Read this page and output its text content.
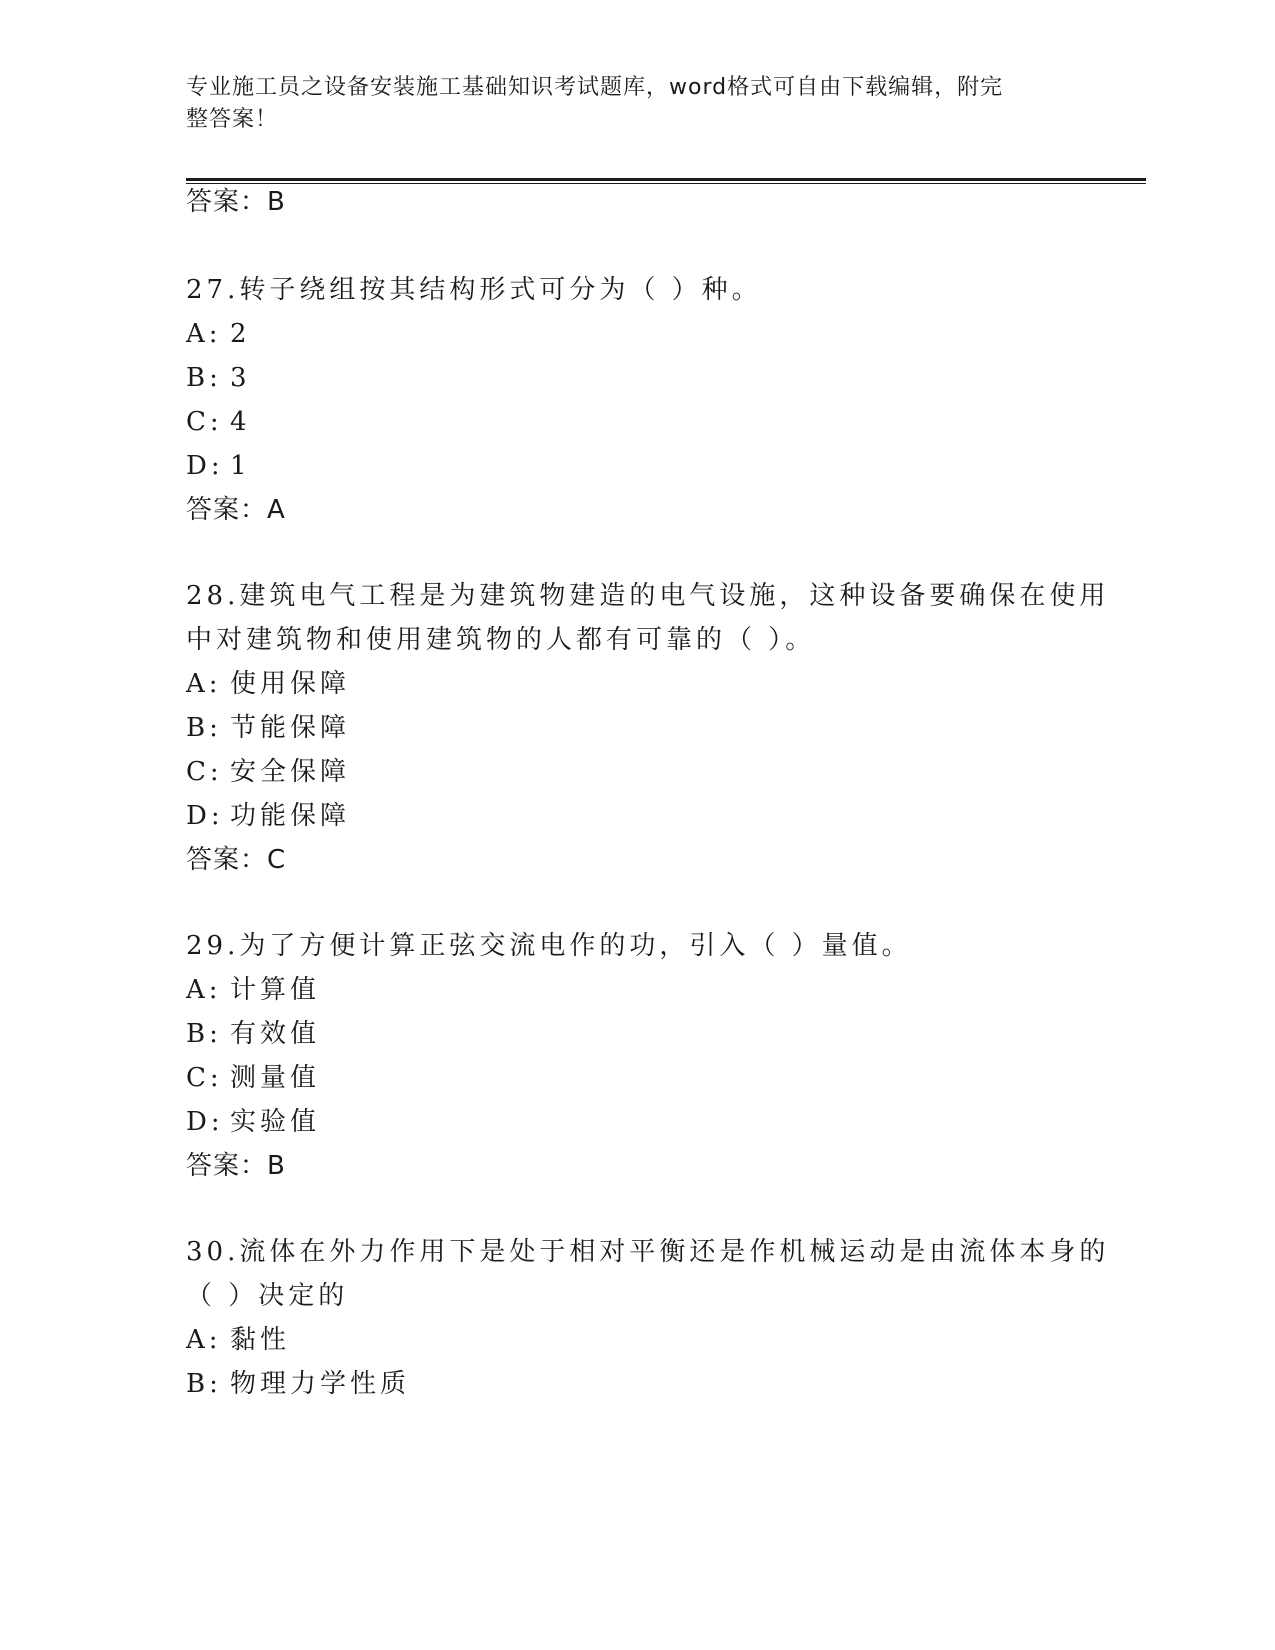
专业施工员之设备安装施工基础知识考试题库，word格式可自由下载编辑，附完
整答案！
答案：B
27.转子绕组按其结构形式可分为（ ）种。
A: 2
B: 3
C: 4
D: 1
答案：A
28.建筑电气工程是为建筑物建造的电气设施，这种设备要确保在使用
中对建筑物和使用建筑物的人都有可靠的（ ）。
A: 使用保障
B: 节能保障
C: 安全保障
D: 功能保障
答案：C
29.为了方便计算正弦交流电作的功，引入（ ）量值。
A: 计算值
B: 有效值
C: 测量值
D: 实验值
答案：B
30.流体在外力作用下是处于相对平衡还是作机械运动是由流体本身的
（ ）决定的
A: 黏性
B: 物理力学性质
